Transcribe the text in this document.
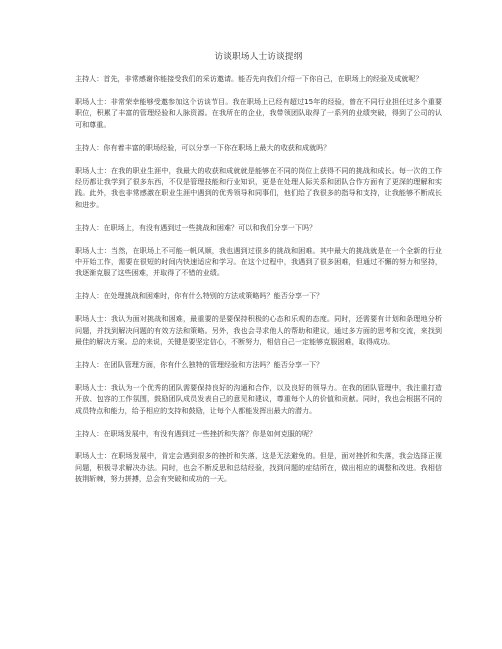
访谈职场人士访谈提纲

主持人：首先，非常感谢你能接受我们的采访邀请。能否先向我们介绍一下你自己，在职场上的经验及成就呢？

职场人士：非常荣幸能够受邀参加这个访谈节目。我在职场上已经有超过15年的经验，曾在不同行业担任过多个重要职位，积累了丰富的管理经验和人脉资源。在我所在的企业，我带领团队取得了一系列的业绩突破，得到了公司的认可和尊重。

主持人：你有着丰富的职场经验，可以分享一下你在职场上最大的收获和成就吗？

职场人士：在我的职业生涯中，我最大的收获和成就就是能够在不同的岗位上获得不同的挑战和成长。每一次的工作经历都让我学到了很多东西，不仅是管理技能和行业知识，更是在处理人际关系和团队合作方面有了更深的理解和实践。此外，我也非常感激在职业生涯中遇到的优秀领导和同事们，他们给了我很多的指导和支持，让我能够不断成长和进步。

主持人：在职场上，有没有遇到过一些挑战和困难？可以和我们分享一下吗？

职场人士：当然，在职场上不可能一帆风顺，我也遇到过很多的挑战和困难。其中最大的挑战就是在一个全新的行业中开始工作，需要在很短的时间内快速适应和学习。在这个过程中，我遇到了很多困难，但通过不懈的努力和坚持，我逐渐克服了这些困难，并取得了不错的业绩。

主持人：在处理挑战和困难时，你有什么特别的方法或策略吗？能否分享一下？

职场人士：我认为面对挑战和困难，最重要的是要保持积极的心态和乐观的态度。同时，还需要有计划和条理地分析问题，并找到解决问题的有效方法和策略。另外，我也会寻求他人的帮助和建议，通过多方面的思考和交流，来找到最佳的解决方案。总的来说，关键是要坚定信心，不断努力，相信自己一定能够克服困难，取得成功。

主持人：在团队管理方面，你有什么独特的管理经验和方法吗？能否分享一下？

职场人士：我认为一个优秀的团队需要保持良好的沟通和合作，以及良好的领导力。在我的团队管理中，我注重打造开放、包容的工作氛围，鼓励团队成员发表自己的意见和建议，尊重每个人的价值和贡献。同时，我也会根据不同的成员特点和能力，给予相应的支持和鼓励，让每个人都能发挥出最大的潜力。

主持人：在职场发展中，有没有遇到过一些挫折和失落？你是如何克服的呢？

职场人士：在职场发展中，肯定会遇到很多的挫折和失落，这是无法避免的。但是，面对挫折和失落，我会选择正视问题，积极寻求解决办法。同时，也会不断反思和总结经验，找到问题的症结所在，做出相应的调整和改进。我相信披荆斩棘，努力拼搏，总会有突破和成功的一天。
